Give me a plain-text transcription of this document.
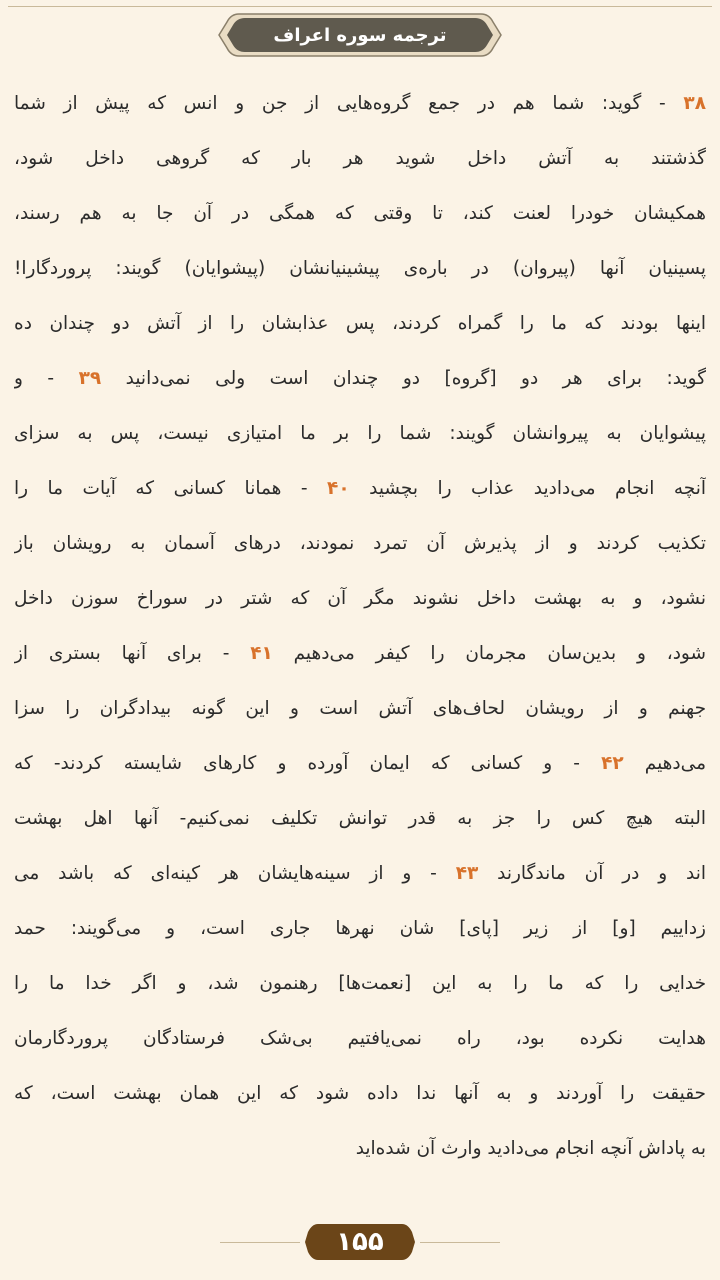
ترجمه سوره اعراف
۳۸ - گوید: شما هم در جمع گروه‌هایی از جن و انس که پیش از شما
گذشتند به آتش داخل شوید هر بار که گروهی داخل شود،
همکیشان خودرا لعنت کند، تا وقتی که همگی در آن جا به هم رسند،
پسینیان آنها (پیروان) در باره‌ی پیشینیانشان (پیشوایان) گویند: پروردگارا!
اینها بودند که ما را گمراه کردند، پس عذابشان را از آتش دو چندان ده
گوید: برای هر دو [گروه] دو چندان است ولی نمی‌دانید ۳۹ - و
پیشوایان به پیروانشان گویند: شما را بر ما امتیازی نیست، پس به سزای
آنچه انجام می‌دادید عذاب را بچشید ۴۰ - همانا کسانی که آیات ما را
تکذیب کردند و از پذیرش آن تمرد نمودند، درهای آسمان به رویشان باز
نشود، و به بهشت داخل نشوند مگر آن که شتر در سوراخ سوزن داخل
شود، و بدین‌سان مجرمان را کیفر می‌دهیم ۴۱ - برای آنها بستری از
جهنم و از رویشان لحاف‌های آتش است و این گونه بیدادگران را سزا
می‌دهیم ۴۲ - و کسانی که ایمان آورده و کارهای شایسته کردند- که
البته هیچ کس را جز به قدر توانش تکلیف نمی‌کنیم- آنها اهل بهشت
اند و در آن ماندگارند ۴۳ - و از سینه‌هایشان هر کینه‌ای که باشد می
زداییم [و] از زیر [پای] شان نهرها جاری است، و می‌گویند: حمد
خدایی را که ما را به این [نعمت‌ها] رهنمون شد، و اگر خدا ما را
هدایت نکرده بود، راه نمی‌یافتیم بی‌شک فرستادگان پروردگارمان
حقیقت را آوردند و به آنها ندا داده شود که این همان بهشت است، که
به پاداش آنچه انجام می‌دادید وارث آن شده‌اید
۱۵۵
